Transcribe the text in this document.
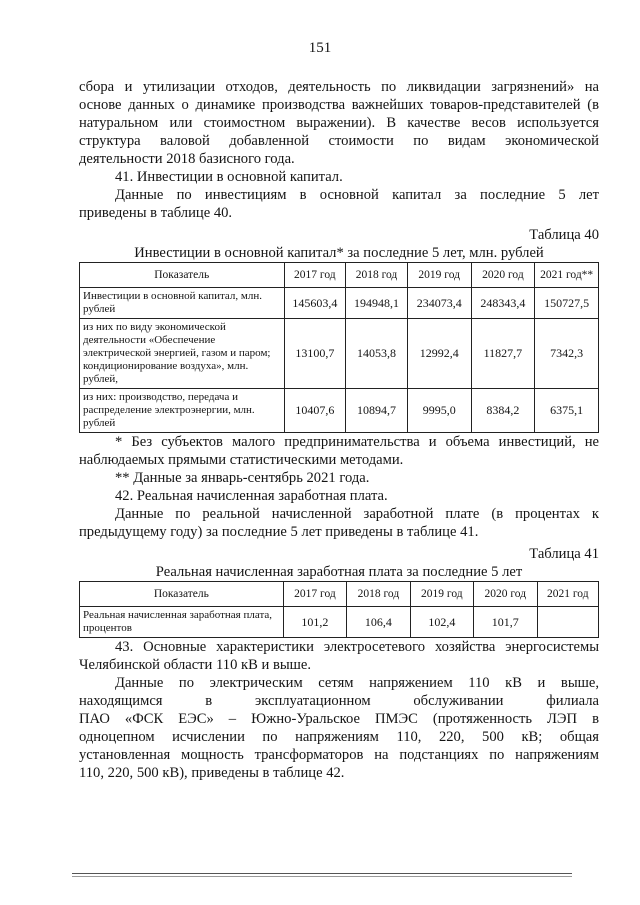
151

сбора и утилизации отходов, деятельность по ликвидации загрязнений» на

основе данных о динамике производства важнейших товаров-представителей (в

натуральном или стоимостном выражении). В качестве весов используется

структура валовой добавленной стоимости по видам экономической

деятельности 2018 базисного года.

41. Инвестиции в основной капитал.

Данные по инвестициям в основной капитал за последние 5 лет

приведены в таблице 40.

Таблица 40

Инвестиции в основной капитал* за последние 5 лет, млн. рублей

Показатель	2017 год	2018 год	2019 год	2020 год	2021 год**
Инвестиции в основной капитал, млн. рублей	145603,4	194948,1	234073,4	248343,4	150727,5
из них по виду экономической деятельности «Обеспечение электрической энергией, газом и паром; кондиционирование воздуха», млн. рублей,	13100,7	14053,8	12992,4	11827,7	7342,3
из них: производство, передача и распределение электроэнергии, млн. рублей	10407,6	10894,7	9995,0	8384,2	6375,1

* Без субъектов малого предпринимательства и объема инвестиций, не

наблюдаемых прямыми статистическими методами.

** Данные за январь-сентябрь 2021 года.

42. Реальная начисленная заработная плата.

Данные по реальной начисленной заработной плате (в процентах к

предыдущему году) за последние 5 лет приведены в таблице 41.

Таблица 41

Реальная начисленная заработная плата за последние 5 лет

Показатель	2017 год	2018 год	2019 год	2020 год	2021 год
Реальная начисленная заработная плата, процентов	101,2	106,4	102,4	101,7	

43. Основные характеристики электросетевого хозяйства энергосистемы

Челябинской области 110 кВ и выше.

Данные по электрическим сетям напряжением 110 кВ и выше,

находящимся в эксплуатационном обслуживании филиала

ПАО «ФСК ЕЭС» – Южно-Уральское ПМЭС (протяженность ЛЭП в

одноцепном исчислении по напряжениям 110, 220, 500 кВ; общая

установленная мощность трансформаторов на подстанциях по напряжениям

110, 220, 500 кВ), приведены в таблице 42.
